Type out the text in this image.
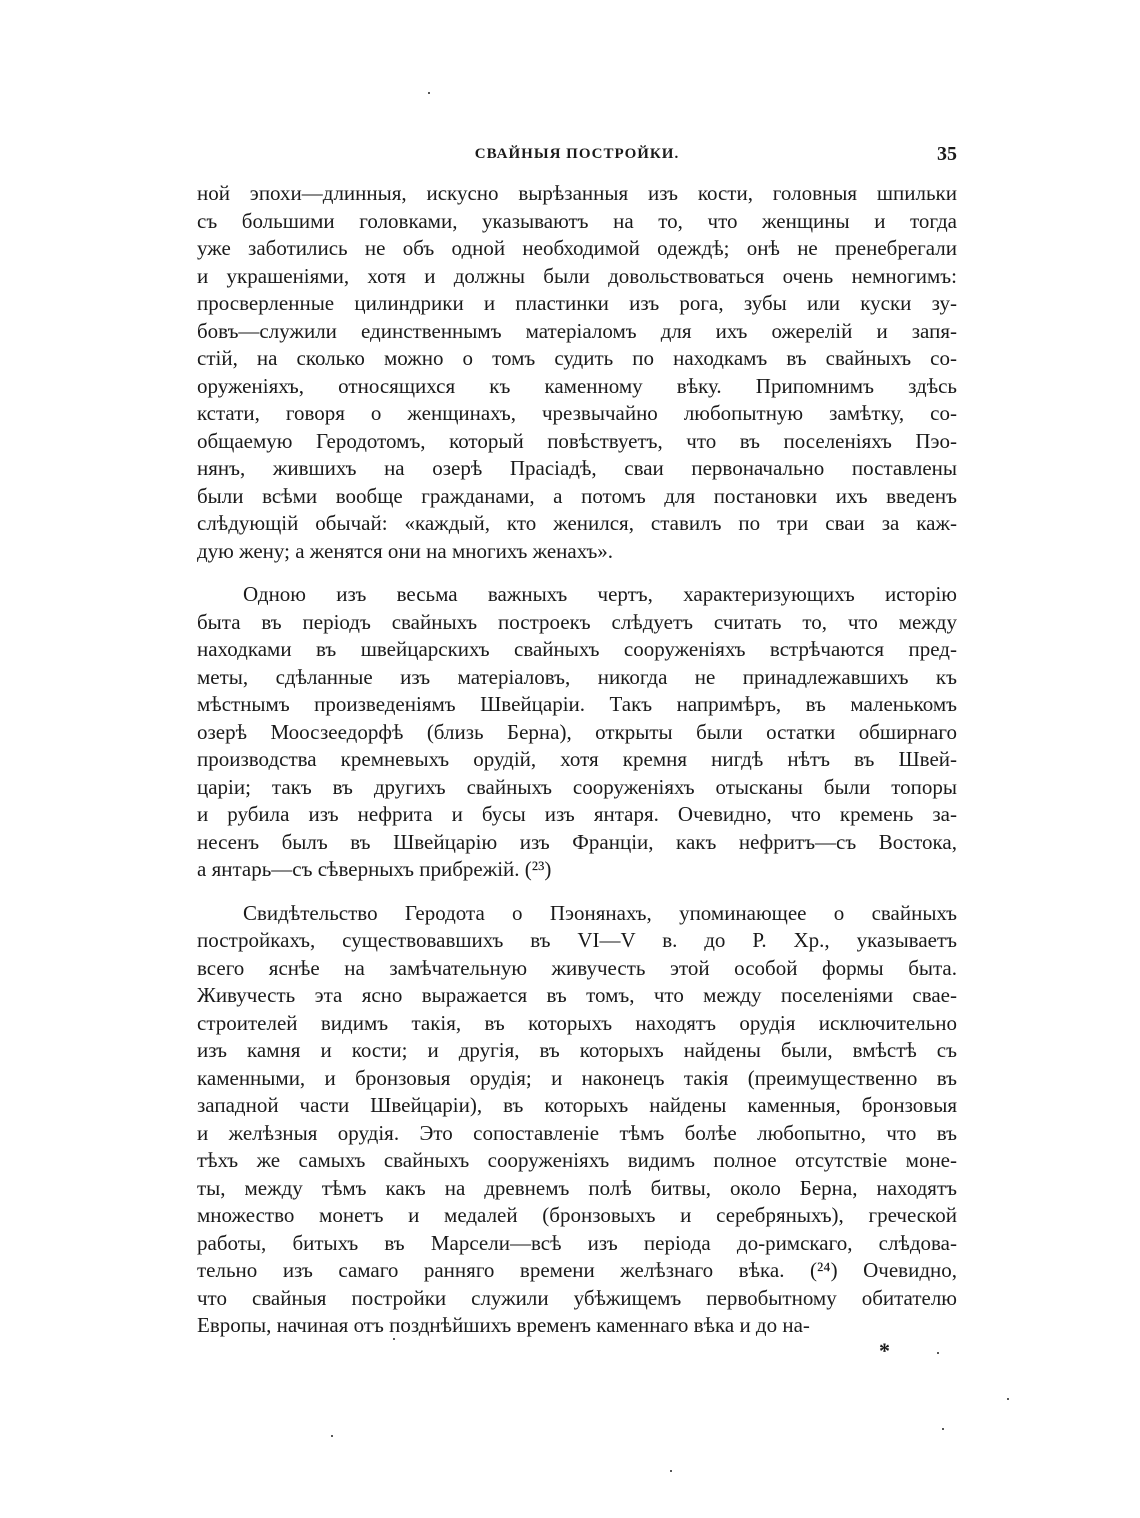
СВАЙНЫЯ ПОСТРОЙКИ.	35
ной эпохи—длинныя, искусно вырѣзанныя изъ кости, головныя шпильки
съ большими головками, указываютъ на то, что женщины и тогда
уже заботились не объ одной необходимой одеждѣ; онѣ не пренебрегали
и украшеніями, хотя и должны были довольствоваться очень немногимъ:
просверленные цилиндрики и пластинки изъ рога, зубы или куски зу-
бовъ—служили единственнымъ матеріаломъ для ихъ ожерелій и запя-
стій, на сколько можно о томъ судить по находкамъ въ свайныхъ со-
оруженіяхъ, относящихся къ каменному вѣку. Припомнимъ здѣсь
кстати, говоря о женщинахъ, чрезвычайно любопытную замѣтку, со-
общаемую Геродотомъ, который повѣствуетъ, что въ поселеніяхъ Пэо-
нянъ, жившихъ на озерѣ Прасіадѣ, сваи первоначально поставлены
были всѣми вообще гражданами, а потомъ для постановки ихъ введенъ
слѣдующій обычай: «каждый, кто женился, ставилъ по три сваи за каж-
дую жену; а женятся они на многихъ женахъ».
Одною изъ весьма важныхъ чертъ, характеризующихъ исторію
быта въ періодъ свайныхъ построекъ слѣдуетъ считать то, что между
находками въ швейцарскихъ свайныхъ сооруженіяхъ встрѣчаются пред-
меты, сдѣланные изъ матеріаловъ, никогда не принадлежавшихъ къ
мѣстнымъ произведеніямъ Швейцаріи. Такъ напримѣръ, въ маленькомъ
озерѣ Моосзеедорфѣ (близь Берна), открыты были остатки обширнаго
производства кремневыхъ орудій, хотя кремня нигдѣ нѣтъ въ Швей-
царіи; такъ въ другихъ свайныхъ сооруженіяхъ отысканы были топоры
и рубила изъ нефрита и бусы изъ янтаря. Очевидно, что кремень за-
несенъ былъ въ Швейцарію изъ Франціи, какъ нефритъ—съ Востока,
а янтарь—съ сѣверныхъ прибрежій. (²³)
Свидѣтельство Геродота о Пэонянахъ, упоминающее о свайныхъ
постройкахъ, существовавшихъ въ VI—V в. до Р. Хр., указываетъ
всего яснѣе на замѣчательную живучесть этой особой формы быта.
Живучесть эта ясно выражается въ томъ, что между поселеніями свае-
строителей видимъ такія, въ которыхъ находятъ орудія исключительно
изъ камня и кости; и другія, въ которыхъ найдены были, вмѣстѣ съ
каменными, и бронзовыя орудія; и наконецъ такія (преимущественно въ
западной части Швейцаріи), въ которыхъ найдены каменныя, бронзовыя
и желѣзныя орудія. Это сопоставленіе тѣмъ болѣе любопытно, что въ
тѣхъ же самыхъ свайныхъ сооруженіяхъ видимъ полное отсутствіе моне-
ты, между тѣмъ какъ на древнемъ полѣ битвы, около Берна, находятъ
множество монетъ и медалей (бронзовыхъ и серебряныхъ), греческой
работы, битыхъ въ Марсели—всѣ изъ періода до-римскаго, слѣдова-
тельно изъ самаго ранняго времени желѣзнаго вѣка. (²⁴) Очевидно,
что свайныя постройки служили убѣжищемъ первобытному обитателю
Европы, начиная отъ позднѣйшихъ временъ каменнаго вѣка и до на-
*
